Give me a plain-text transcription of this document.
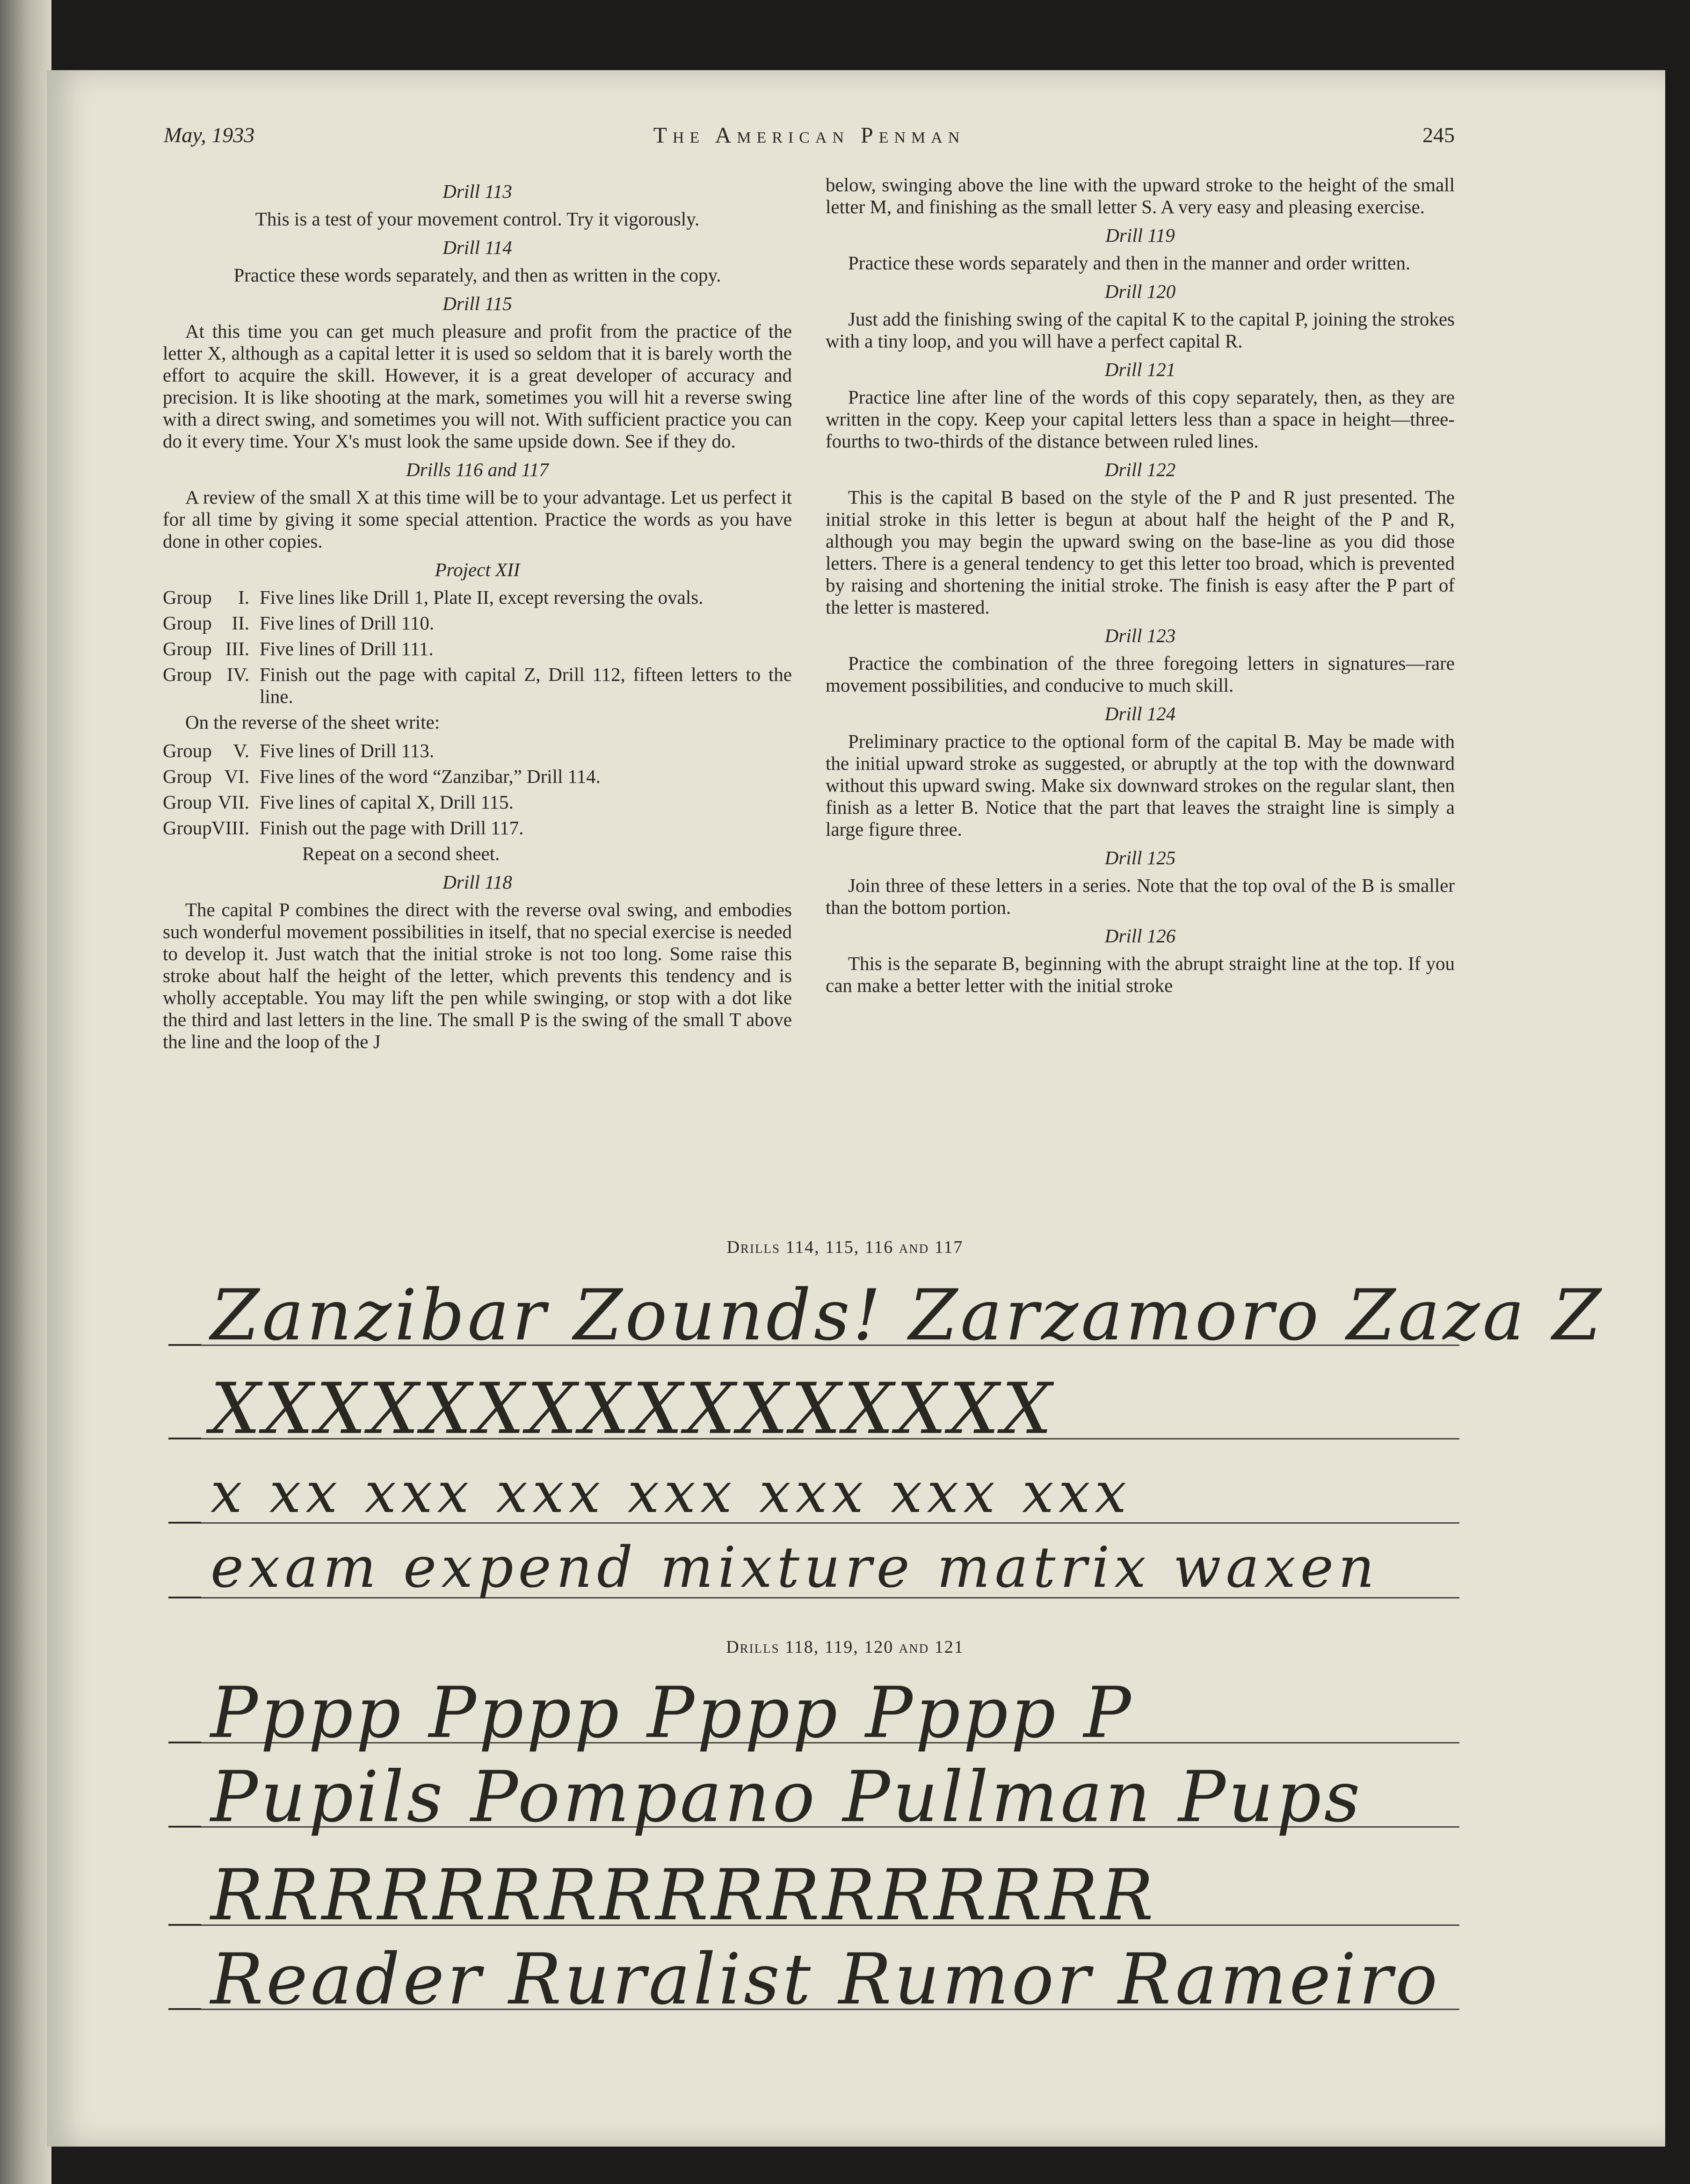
May, 1933	The American Penman	245
Drill 113

This is a test of your movement control. Try it vigorously.

Drill 114

Practice these words separately, and then as written in the copy.

Drill 115

At this time you can get much pleasure and profit from the practice of the letter X, although as a capital letter it is used so seldom that it is barely worth the effort to acquire the skill. However, it is a great developer of accuracy and precision. It is like shooting at the mark, sometimes you will hit a reverse swing with a direct swing, and sometimes you will not. With sufficient practice you can do it every time. Your X's must look the same upside down. See if they do.

Drills 116 and 117

A review of the small X at this time will be to your advantage. Let us perfect it for all time by giving it some special attention. Practice the words as you have done in other copies.

Project XII
Group	I. Five lines like Drill 1, Plate II, except reversing the ovals.
Group	II. Five lines of Drill 110.
Group III. Five lines of Drill 111.
Group IV. Finish out the page with capital Z, Drill 112, fifteen letters to the line.

On the reverse of the sheet write:

Group	V. Five lines of Drill 113.
Group VI. Five lines of the word “Zanzibar,” Drill 114.
Group VII. Five lines of capital X, Drill 115.
Group VIII. Finish out the page with Drill 117.

Repeat on a second sheet.

Drill 118

The capital P combines the direct with the reverse oval swing, and embodies such wonderful movement possibilities in itself, that no special exercise is needed to develop it. Just watch that the initial stroke is not too long. Some raise this stroke about half the height of the letter, which prevents this tendency and is wholly acceptable. You may lift the pen while swinging, or stop with a dot like the third and last letters in the line. The small P is the swing of the small T above the line and the loop of the J

below, swinging above the line with the upward stroke to the height of the small letter M, and finishing as the small letter S. A very easy and pleasing exercise.

Drill 119

Practice these words separately and then in the manner and order written.

Drill 120

Just add the finishing swing of the capital K to the capital P, joining the strokes with a tiny loop, and you will have a perfect capital R.

Drill 121

Practice line after line of the words of this copy separately, then, as they are written in the copy. Keep your capital letters less than a space in height—three-fourths to two-thirds of the distance between ruled lines.

Drill 122

This is the capital B based on the style of the P and R just presented. The initial stroke in this letter is begun at about half the height of the P and R, although you may begin the upward swing on the base-line as you did those letters. There is a general tendency to get this letter too broad, which is prevented by raising and shortening the initial stroke. The finish is easy after the P part of the letter is mastered.

Drill 123

Practice the combination of the three foregoing letters in signatures—rare movement possibilities, and conducive to much skill.

Drill 124

Preliminary practice to the optional form of the capital B. May be made with the initial upward stroke as suggested, or abruptly at the top with the downward without this upward swing. Make six downward strokes on the regular slant, then finish as a letter B. Notice that the part that leaves the straight line is simply a large figure three.

Drill 125

Join three of these letters in a series. Note that the top oval of the B is smaller than the bottom portion.

Drill 126

This is the separate B, beginning with the abrupt straight line at the top. If you can make a better letter with the initial stroke

Drills 114, 115, 116 and 117
Zanzibar Zounds! Zarzamoro Zaza Z
XXXXXXXXXXXXXXXX
x xx xxx xxx xxx xxx xxx xxx
exam expend mixture matrix waxen
Drills 118, 119, 120 and 121
Pppp Pppp Pppp Pppp P
Pupils Pompano Pullman Pups
RRRRRRRRRRRRRRRRR
Reader Ruralist Rumor Rameiro
